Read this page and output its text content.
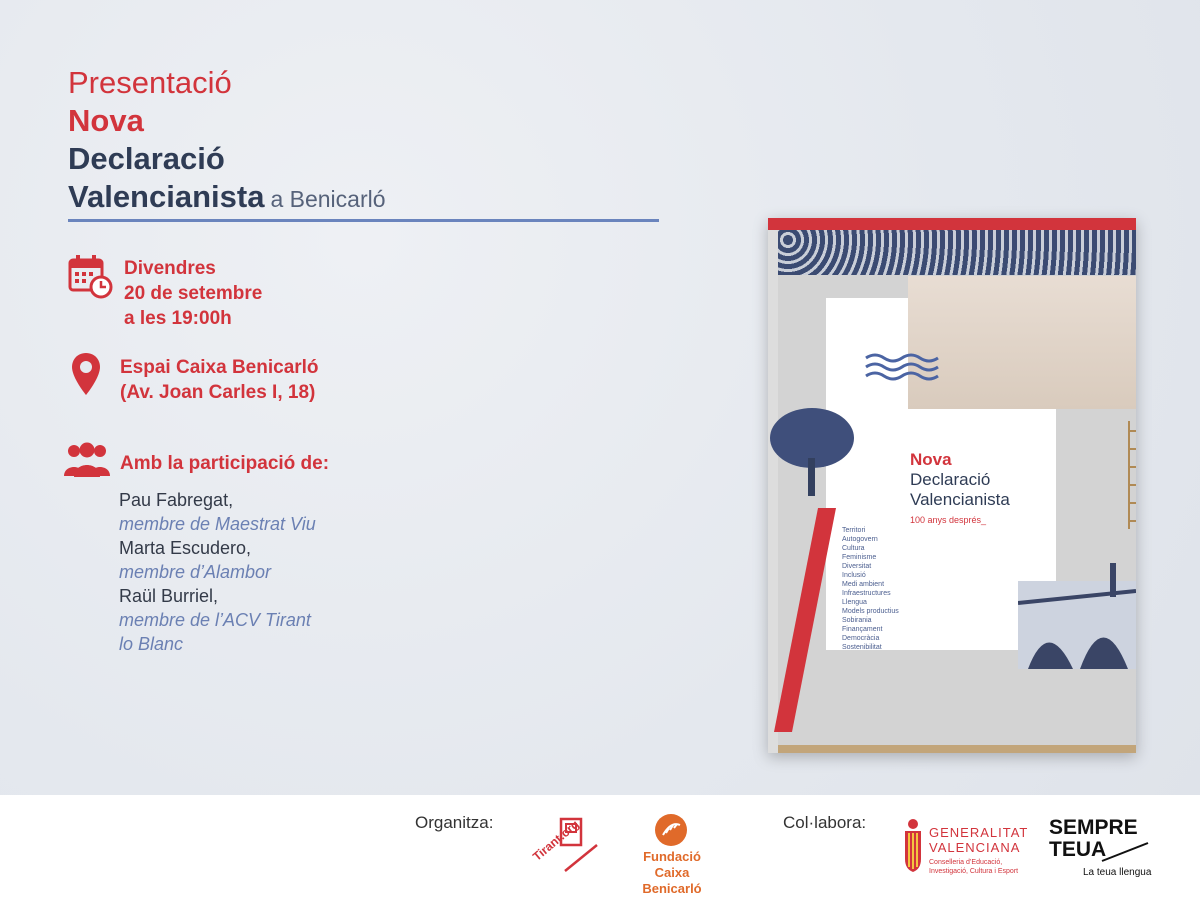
Presentació
Nova
Declaració
Valencianista a Benicarló
Divendres
20 de setembre
a les 19:00h
Espai Caixa Benicarló
(Av. Joan Carles I, 18)
Amb la participació de:
Pau Fabregat,
membre de Maestrat Viu
Marta Escudero,
membre d’Alambor
Raül Burriel,
membre de l’ACV Tirant
lo Blanc
Nova
Declaració
Valencianista
100 anys després_
Territori
Autogovern
Cultura
Feminisme
Diversitat
Inclusió
Medi ambient
Infraestructures
Llengua
Models productius
Sobirania
Finançament
Democràcia
Sostenibilitat
Organitza:	Tirant.org	Fundació
Caixa Benicarló
Col·labora:
GENERALITAT
VALENCIANA
Conselleria d’Educació,
Investigació, Cultura i Esport
SEMPRE
TEUA
La teua llengua
